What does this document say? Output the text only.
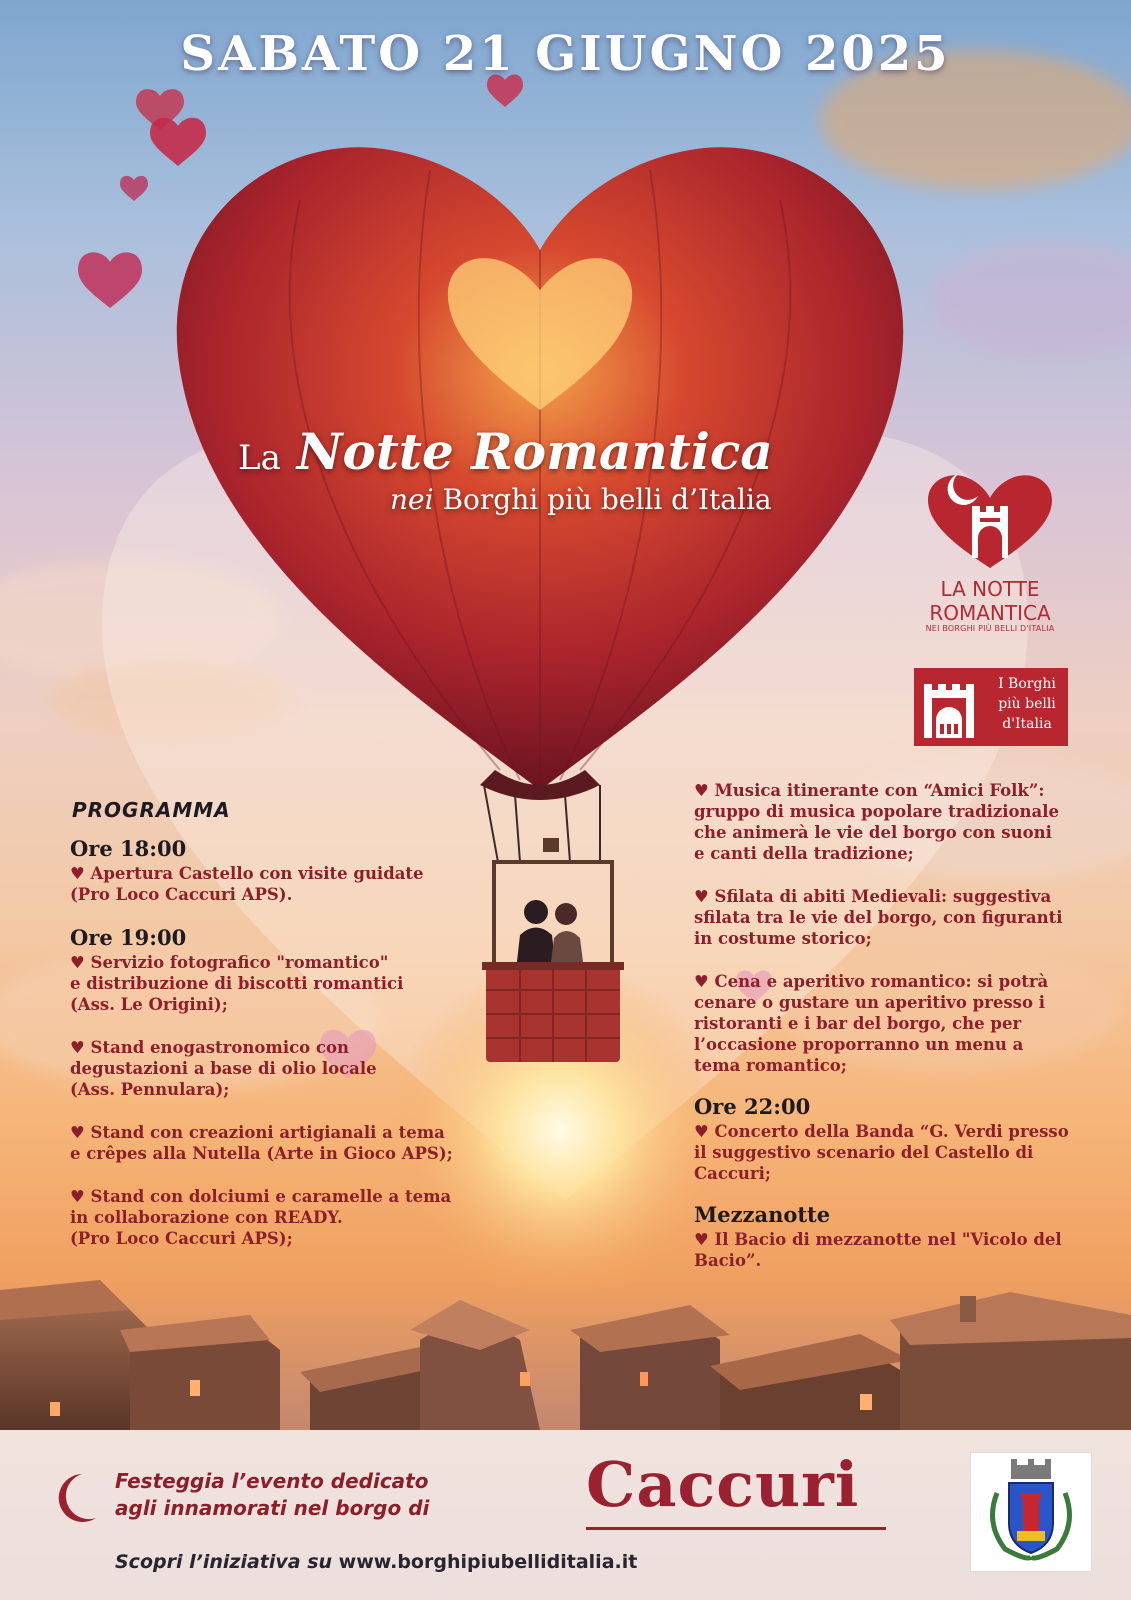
SABATO 21 GIUGNO 2025
La Notte Romantica
nei Borghi più belli d’Italia
LA NOTTE
ROMANTICA
NEI BORGHI PIÙ BELLI D'ITALIA
I Borghi
più belli
d'Italia
PROGRAMMA
Ore 18:00
♥ Apertura Castello con visite guidate
(Pro Loco Caccuri APS).
Ore 19:00
♥ Servizio fotografico "romantico"
e distribuzione di biscotti romantici
(Ass. Le Origini);
♥ Stand enogastronomico con
degustazioni a base di olio locale
(Ass. Pennulara);
♥ Stand con creazioni artigianali a tema
e crêpes alla Nutella (Arte in Gioco APS);
♥ Stand con dolciumi e caramelle a tema
in collaborazione con READY.
(Pro Loco Caccuri APS);
♥ Musica itinerante con “Amici Folk”:
gruppo di musica popolare tradizionale
che animerà le vie del borgo con suoni
e canti della tradizione;
♥ Sfilata di abiti Medievali: suggestiva
sfilata tra le vie del borgo, con figuranti
in costume storico;
♥ Cena e aperitivo romantico: si potrà
cenare o gustare un aperitivo presso i
ristoranti e i bar del borgo, che per
l’occasione proporranno un menu a
tema romantico;
Ore 22:00
♥ Concerto della Banda “G. Verdi presso
il suggestivo scenario del Castello di
Caccuri;
Mezzanotte
♥ Il Bacio di mezzanotte nel "Vicolo del
Bacio”.
Festeggia l’evento dedicato
agli innamorati nel borgo di	Caccuri
Scopri l’iniziativa su www.borghipiubelliditalia.it
